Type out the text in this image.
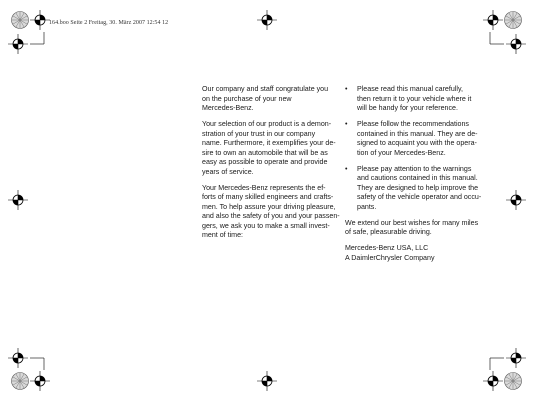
164.boo Seite 2 Freitag, 30. März 2007 12:54 12

Our company and staff congratulate you
on the purchase of your new
Mercedes-Benz.

Your selection of our product is a demon-
stration of your trust in our company
name. Furthermore, it exemplifies your de-
sire to own an automobile that will be as
easy as possible to operate and provide
years of service.

Your Mercedes-Benz represents the ef-
forts of many skilled engineers and crafts-
men. To help assure your driving pleasure,
and also the safety of you and your passen-
gers, we ask you to make a small invest-
ment of time:

• Please read this manual carefully,
then return it to your vehicle where it
will be handy for your reference.
• Please follow the recommendations
contained in this manual. They are de-
signed to acquaint you with the opera-
tion of your Mercedes-Benz.
• Please pay attention to the warnings
and cautions contained in this manual.
They are designed to help improve the
safety of the vehicle operator and occu-
pants.

We extend our best wishes for many miles
of safe, pleasurable driving.

Mercedes-Benz USA, LLC
A DaimlerChrysler Company
